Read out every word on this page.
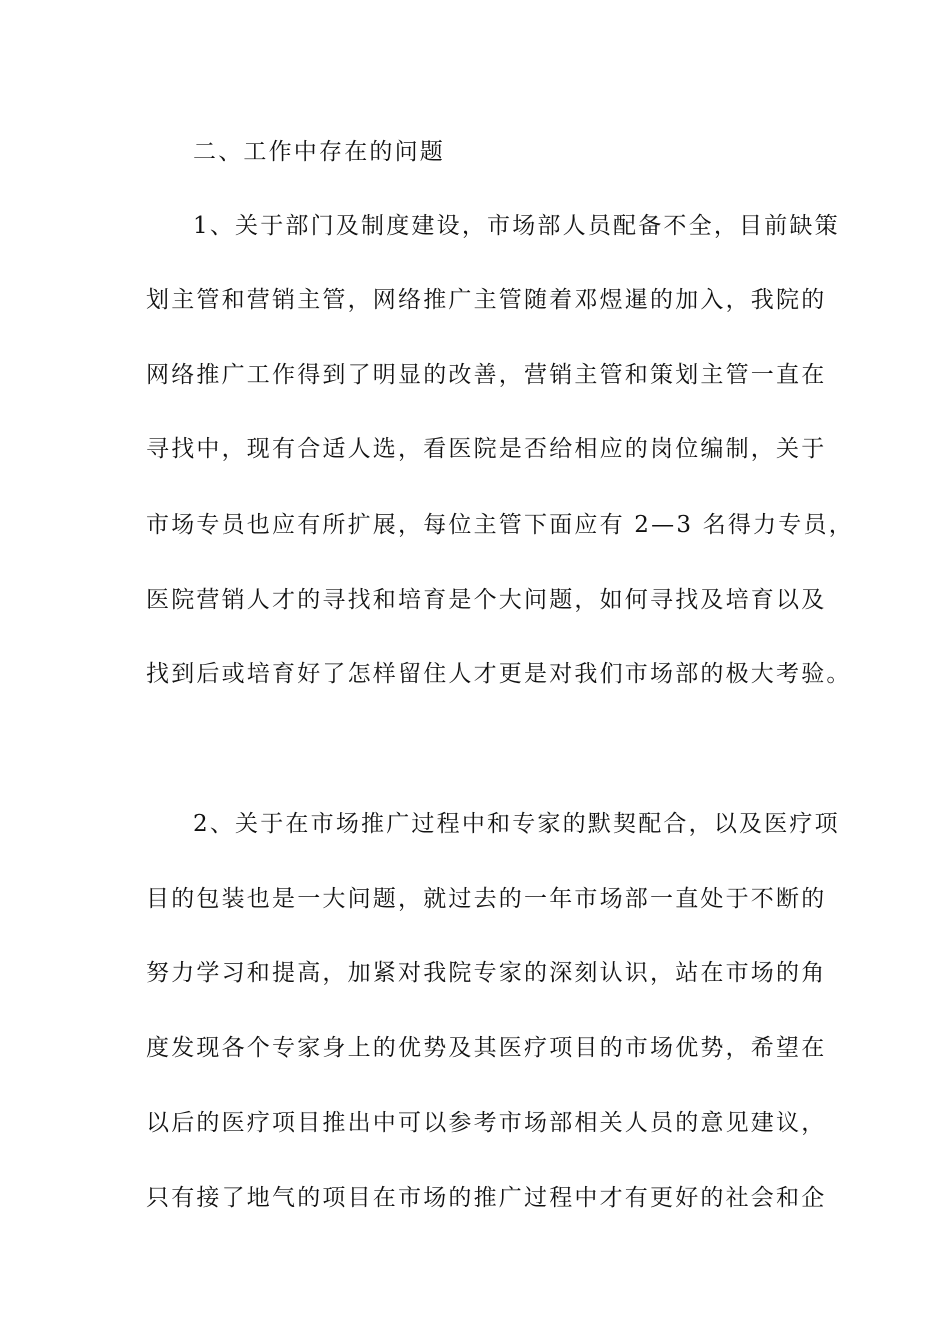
二、工作中存在的问题
1、关于部门及制度建设，市场部人员配备不全，目前缺策
划主管和营销主管，网络推广主管随着邓煜暹的加入，我院的
网络推广工作得到了明显的改善，营销主管和策划主管一直在
寻找中，现有合适人选，看医院是否给相应的岗位编制，关于
市场专员也应有所扩展，每位主管下面应有 2—3 名得力专员，
医院营销人才的寻找和培育是个大问题，如何寻找及培育以及
找到后或培育好了怎样留住人才更是对我们市场部的极大考验。
2、关于在市场推广过程中和专家的默契配合，以及医疗项
目的包装也是一大问题，就过去的一年市场部一直处于不断的
努力学习和提高，加紧对我院专家的深刻认识，站在市场的角
度发现各个专家身上的优势及其医疗项目的市场优势，希望在
以后的医疗项目推出中可以参考市场部相关人员的意见建议，
只有接了地气的项目在市场的推广过程中才有更好的社会和企
